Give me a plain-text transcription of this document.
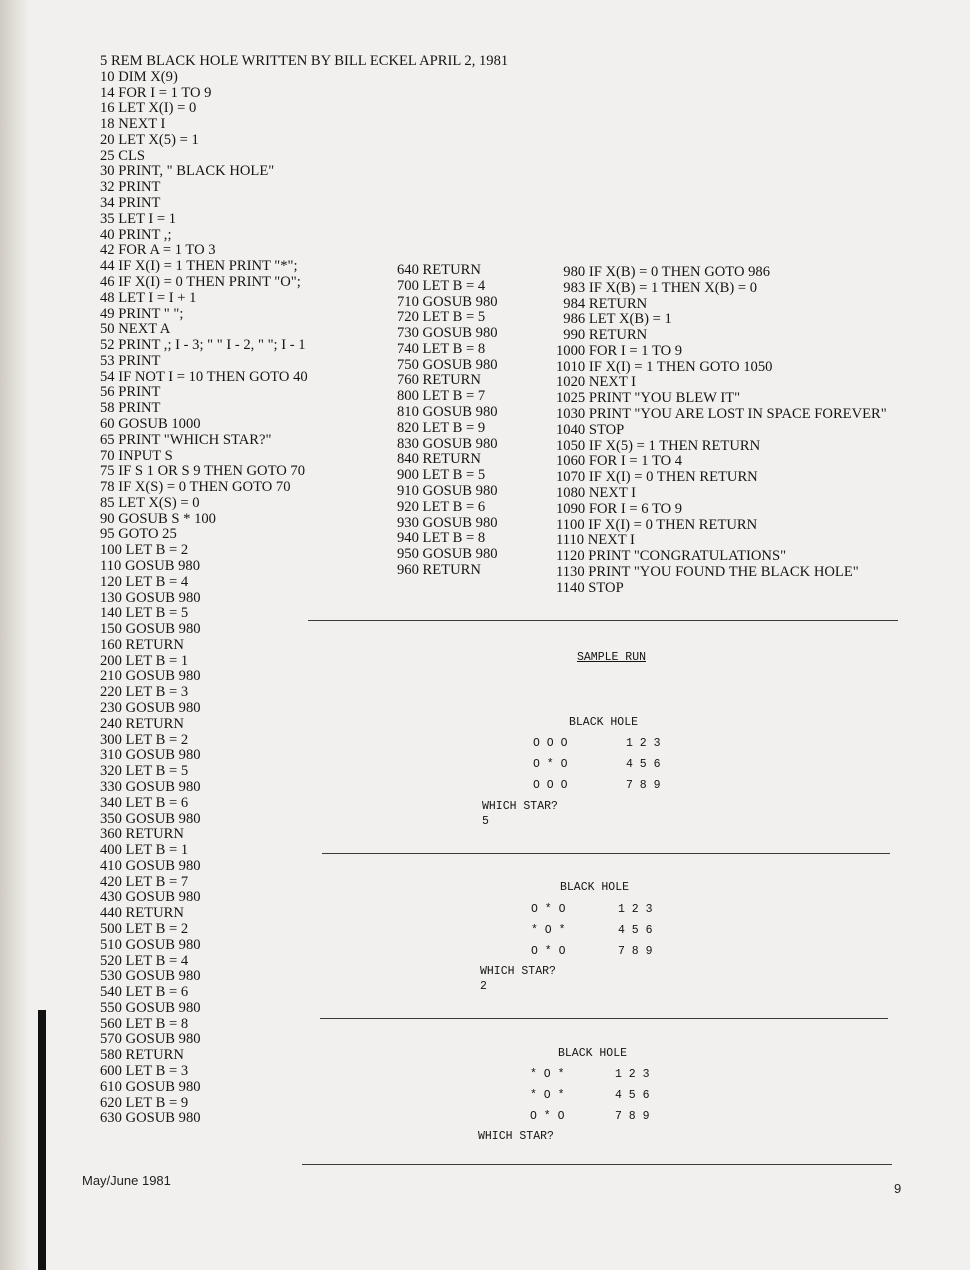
5 REM BLACK HOLE WRITTEN BY BILL ECKEL APRIL 2, 1981
10 DIM X(9)
14 FOR I = 1 TO 9
16 LET X(I) = 0
18 NEXT I
20 LET X(5) = 1
25 CLS
30 PRINT, " BLACK HOLE"
32 PRINT
34 PRINT
35 LET I = 1
40 PRINT ,;
42 FOR A = 1 TO 3
44 IF X(I) = 1 THEN PRINT "*";
46 IF X(I) = 0 THEN PRINT "O";
48 LET I = I + 1
49 PRINT " ";
50 NEXT A
52 PRINT ,; I - 3; " " I - 2, " "; I - 1
53 PRINT
54 IF NOT I = 10 THEN GOTO 40
56 PRINT
58 PRINT
60 GOSUB 1000
65 PRINT "WHICH STAR?"
70 INPUT S
75 IF S 1 OR S 9 THEN GOTO 70
78 IF X(S) = 0 THEN GOTO 70
85 LET X(S) = 0
90 GOSUB S * 100
95 GOTO 25
100 LET B = 2
110 GOSUB 980
120 LET B = 4
130 GOSUB 980
140 LET B = 5
150 GOSUB 980
160 RETURN
200 LET B = 1
210 GOSUB 980
220 LET B = 3
230 GOSUB 980
240 RETURN
300 LET B = 2
310 GOSUB 980
320 LET B = 5
330 GOSUB 980
340 LET B = 6
350 GOSUB 980
360 RETURN
400 LET B = 1
410 GOSUB 980
420 LET B = 7
430 GOSUB 980
440 RETURN
500 LET B = 2
510 GOSUB 980
520 LET B = 4
530 GOSUB 980
540 LET B = 6
550 GOSUB 980
560 LET B = 8
570 GOSUB 980
580 RETURN
600 LET B = 3
610 GOSUB 980
620 LET B = 9
630 GOSUB 980
640 RETURN
700 LET B = 4
710 GOSUB 980
720 LET B = 5
730 GOSUB 980
740 LET B = 8
750 GOSUB 980
760 RETURN
800 LET B = 7
810 GOSUB 980
820 LET B = 9
830 GOSUB 980
840 RETURN
900 LET B = 5
910 GOSUB 980
920 LET B = 6
930 GOSUB 980
940 LET B = 8
950 GOSUB 980
960 RETURN
980 IF X(B) = 0 THEN GOTO 986
983 IF X(B) = 1 THEN X(B) = 0
984 RETURN
986 LET X(B) = 1
990 RETURN
1000 FOR I = 1 TO 9
1010 IF X(I) = 1 THEN GOTO 1050
1020 NEXT I
1025 PRINT "YOU BLEW IT"
1030 PRINT "YOU ARE LOST IN SPACE FOREVER"
1040 STOP
1050 IF X(5) = 1 THEN RETURN
1060 FOR I = 1 TO 4
1070 IF X(I) = 0 THEN RETURN
1080 NEXT I
1090 FOR I = 6 TO 9
1100 IF X(I) = 0 THEN RETURN
1110 NEXT I
1120 PRINT "CONGRATULATIONS"
1130 PRINT "YOU FOUND THE BLACK HOLE"
1140 STOP
SAMPLE RUN
BLACK HOLE
O O O	1 2 3
O * O	4 5 6
O O O	7 8 9
WHICH STAR?
5
BLACK HOLE
O * O	1 2 3
* O *	4 5 6
O * O	7 8 9
WHICH STAR?
2
BLACK HOLE
* O *	1 2 3
* O *	4 5 6
O * O	7 8 9
WHICH STAR?
May/June 1981
9
